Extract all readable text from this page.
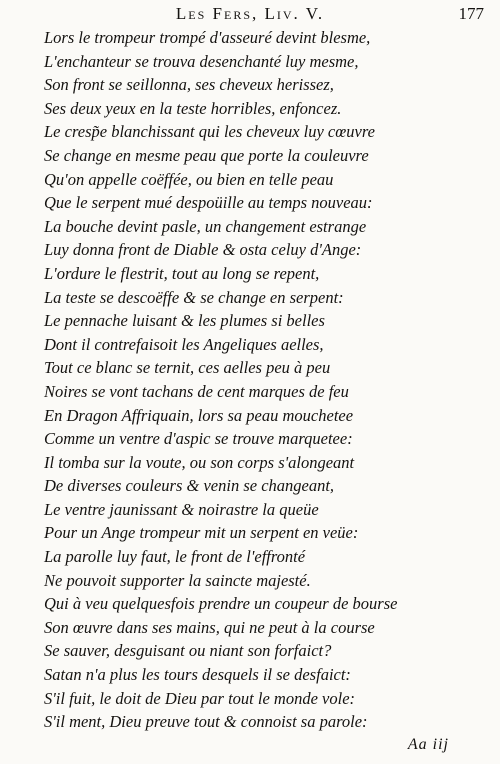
Les Fers, Liv. V.	177
Lors le trompeur trompé d'asseuré devint blesme,
L'enchanteur se trouva desenchanté luy mesme,
Son front se seillonna, ses cheveux herissez,
Ses deux yeux en la teste horribles, enfoncez.
Le cresp̃e blanchissant qui les cheveux luy cœuvre
Se change en mesme peau que porte la couleuvre
Qu'on appelle coëffée, ou bien en telle peau
Que le serpent mué despoüille au temps nouveau:
La bouche devint pasle, un changement estrange
Luy donna front de Diable & osta celuy d'Ange:
L'ordure le flestrit, tout au long se repent,
La teste se descoëffe & se change en serpent:
Le pennache luisant & les plumes si belles
Dont il contrefaisoit les Angeliques aelles,
Tout ce blanc se ternit, ces aelles peu à peu
Noires se vont tachans de cent marques de feu
En Dragon Affriquain, lors sa peau mouchetee
Comme un ventre d'aspic se trouve marquetee:
Il tomba sur la voute, ou son corps s'alongeant
De diverses couleurs & venin se changeant,
Le ventre jaunissant & noirastre la queüe
Pour un Ange trompeur mit un serpent en veüe:
La parolle luy faut, le front de l'effronté
Ne pouvoit supporter la saincte majesté.
Qui à veu quelquesfois prendre un coupeur de bourse
Son œuvre dans ses mains, qui ne peut à la course
Se sauver, desguisant ou niant son forfaict?
Satan n'a plus les tours desquels il se desfaict:
S'il fuit, le doit de Dieu par tout le monde vole:
S'il ment, Dieu preuve tout & connoist sa parole:
Aa iij
